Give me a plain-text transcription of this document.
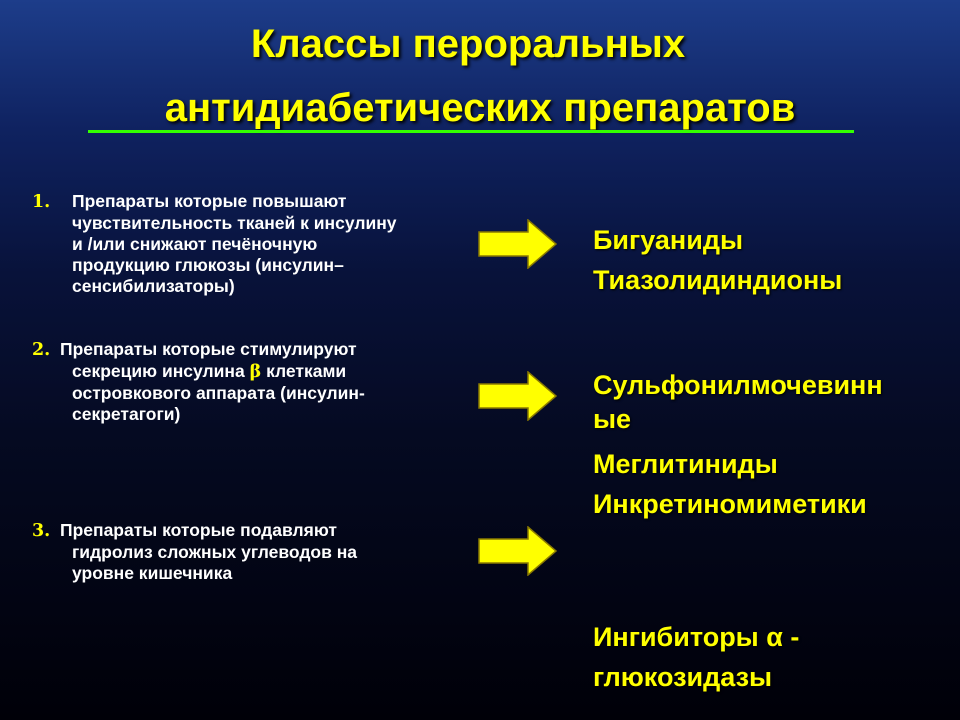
Классы пероральных
антидиабетических препаратов
1. Препараты которые повышают
чувствительность тканей к инсулину
и /или снижают печёночную
продукцию глюкозы (инсулин–
сенсибилизаторы)
2. Препараты которые стимулируют
секрецию инсулина β клетками
островкового аппарата (инсулин-
секретагоги)
3. Препараты которые подавляют
гидролиз сложных углеводов на
уровне кишечника
Бигуаниды
Тиазолидиндионы
Сульфонилмочевинн
ые
Меглитиниды
Инкретиномиметики
Ингибиторы α -
глюкозидазы
